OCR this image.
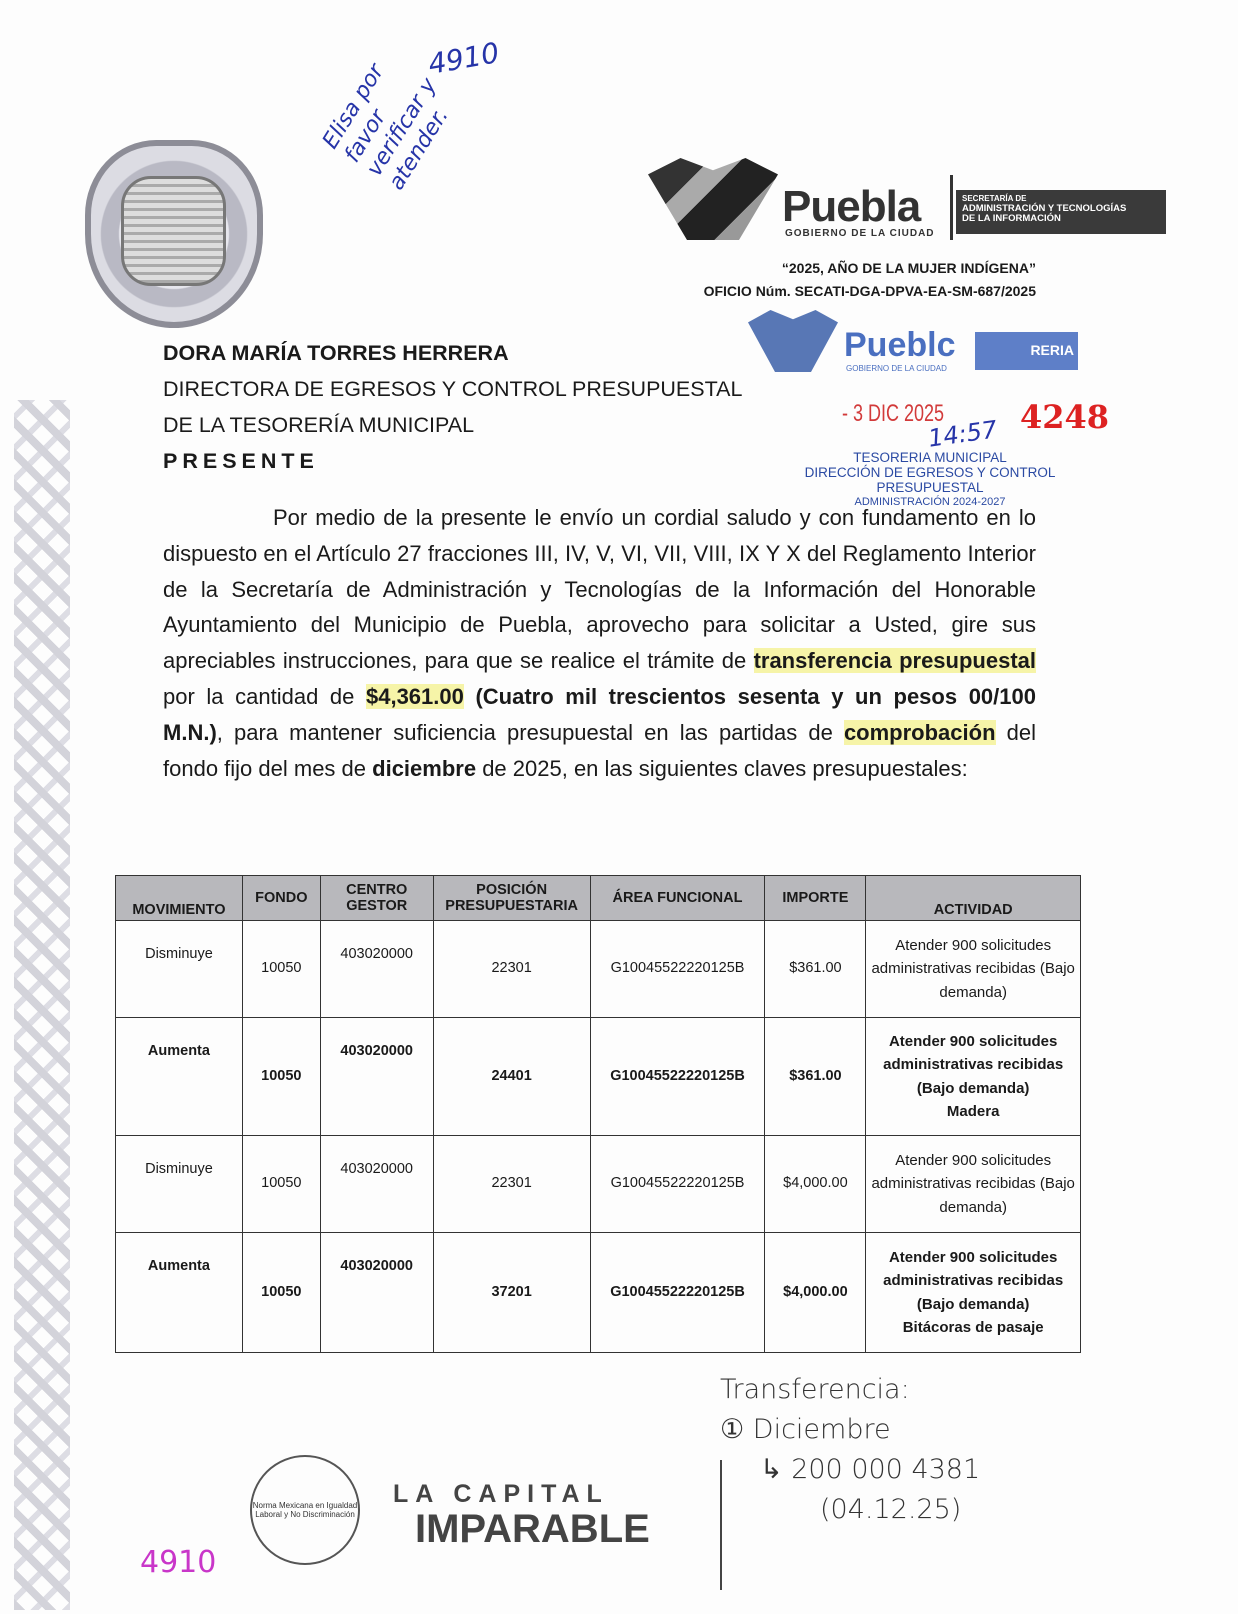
Puebla
GOBIERNO DE LA CIUDAD
SECRETARÍA DE
ADMINISTRACIÓN Y TECNOLOGÍAS
DE LA INFORMACIÓN
“2025, AÑO DE LA MUJER INDÍGENA”
OFICIO Núm. SECATI-DGA-DPVA-EA-SM-687/2025
Pueblc
GOBIERNO DE LA CIUDAD
RERIA
- 3 DIC 2025 4248
14:57
TESORERIA MUNICIPAL
DIRECCIÓN DE EGRESOS Y CONTROL
PRESUPUESTAL
ADMINISTRACIÓN 2024-2027
Elisa por favor verificar y atender.
4910
DORA MARÍA TORRES HERRERA
DIRECTORA DE EGRESOS Y CONTROL PRESUPUESTAL
DE LA TESORERÍA MUNICIPAL
PRESENTE
Por medio de la presente le envío un cordial saludo y con fundamento en lo dispuesto en el Artículo 27 fracciones III, IV, V, VI, VII, VIII, IX Y X del Reglamento Interior de la Secretaría de Administración y Tecnologías de la Información del Honorable Ayuntamiento del Municipio de Puebla, aprovecho para solicitar a Usted, gire sus apreciables instrucciones, para que se realice el trámite de transferencia presupuestal por la cantidad de $4,361.00 (Cuatro mil trescientos sesenta y un pesos 00/100 M.N.), para mantener suficiencia presupuestal en las partidas de comprobación del fondo fijo del mes de diciembre de 2025, en las siguientes claves presupuestales:
MOVIMIENTO	FONDO	CENTRO GESTOR	POSICIÓN PRESUPUESTARIA	ÁREA FUNCIONAL	IMPORTE	ACTIVIDAD

Disminuye	10050	403020000	22301	G10045522220125B	$361.00	Atender 900 solicitudes administrativas recibidas (Bajo demanda)

Aumenta	10050	403020000	24401	G10045522220125B	$361.00	Atender 900 solicitudes administrativas recibidas (Bajo demanda)
Madera

Disminuye	10050	403020000	22301	G10045522220125B	$4,000.00	Atender 900 solicitudes administrativas recibidas (Bajo demanda)

Aumenta	10050	403020000	37201	G10045522220125B	$4,000.00	Atender 900 solicitudes administrativas recibidas (Bajo demanda)
Bitácoras de pasaje
Transferencia:
① Diciembre
↳ 200 000 4381
(04.12.25)
4910
Norma Mexicana en Igualdad Laboral y No Discriminación
LA CAPITAL
IMPARABLE
